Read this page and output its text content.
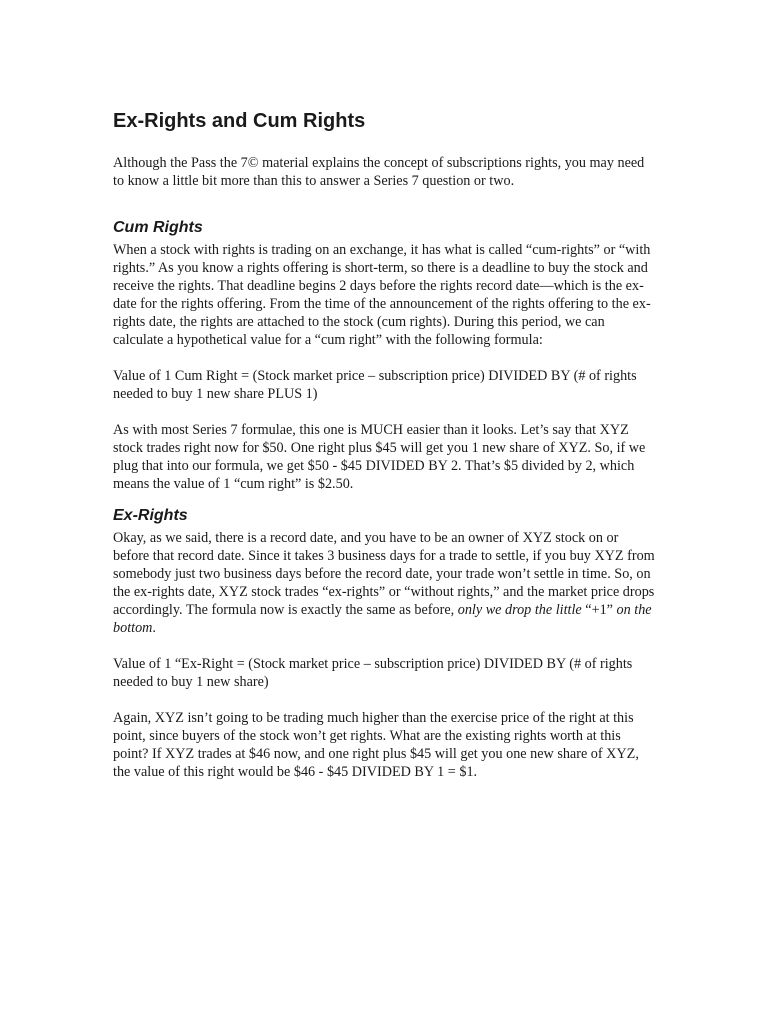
Ex-Rights and Cum Rights

Although the Pass the 7© material explains the concept of subscriptions rights, you may need to know a little bit more than this to answer a Series 7 question or two.

Cum Rights

When a stock with rights is trading on an exchange, it has what is called “cum-rights” or “with rights.” As you know a rights offering is short-term, so there is a deadline to buy the stock and receive the rights. That deadline begins 2 days before the rights record date—which is the ex-date for the rights offering. From the time of the announcement of the rights offering to the ex-rights date, the rights are attached to the stock (cum rights). During this period, we can calculate a hypothetical value for a “cum right” with the following formula:

Value of 1 Cum Right = (Stock market price – subscription price) DIVIDED BY (# of rights needed to buy 1 new share PLUS 1)

As with most Series 7 formulae, this one is MUCH easier than it looks. Let’s say that XYZ stock trades right now for $50. One right plus $45 will get you 1 new share of XYZ. So, if we plug that into our formula, we get $50 - $45 DIVIDED BY 2. That’s $5 divided by 2, which means the value of 1 “cum right” is $2.50.

Ex-Rights

Okay, as we said, there is a record date, and you have to be an owner of XYZ stock on or before that record date. Since it takes 3 business days for a trade to settle, if you buy XYZ from somebody just two business days before the record date, your trade won’t settle in time. So, on the ex-rights date, XYZ stock trades “ex-rights” or “without rights,” and the market price drops accordingly. The formula now is exactly the same as before, only we drop the little “+1” on the bottom.

Value of 1 “Ex-Right = (Stock market price – subscription price) DIVIDED BY (# of rights needed to buy 1 new share)

Again, XYZ isn’t going to be trading much higher than the exercise price of the right at this point, since buyers of the stock won’t get rights. What are the existing rights worth at this point? If XYZ trades at $46 now, and one right plus $45 will get you one new share of XYZ, the value of this right would be $46 - $45 DIVIDED BY 1 = $1.
